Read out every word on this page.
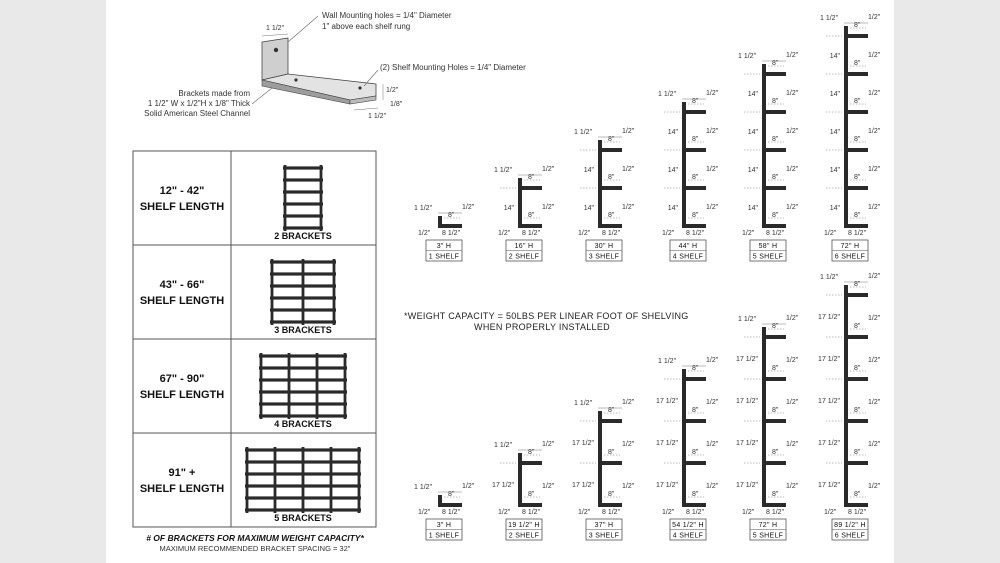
1 1/2"
Wall Mounting holes = 1/4" Diameter
1" above each shelf rung
(2) Shelf Mounting Holes = 1/4" Diameter
1/2"
1/8"
1 1/2"
Brackets made from
1 1/2" W x 1/2"H x 1/8" Thick
Solid American Steel Channel
12" - 42"
SHELF LENGTH
2 BRACKETS
43" - 66"
SHELF LENGTH
3 BRACKETS
67" - 90"
SHELF LENGTH
4 BRACKETS
91" +
SHELF LENGTH
5 BRACKETS
# OF BRACKETS FOR MAXIMUM WEIGHT CAPACITY*
MAXIMUM RECOMMENDED BRACKET SPACING = 32"
*WEIGHT CAPACITY = 50LBS PER LINEAR FOOT OF SHELVING
WHEN PROPERLY INSTALLED
8"
1/2"
1 1/2"
1/2" 8 1/2"
3" H
1 SHELF
8"
1/2"
8"
1/2"
14"
1 1/2"
1/2" 8 1/2"
16" H
2 SHELF
8"
1/2"
8"
1/2"
14"
8"
1/2"
14"
1 1/2"
1/2" 8 1/2"
30" H
3 SHELF
8"
1/2"
8"
1/2"
14"
8"
1/2"
14"
8"
1/2"
14"
1 1/2"
1/2" 8 1/2"
44" H
4 SHELF
8"
1/2"
8"
1/2"
14"
8"
1/2"
14"
8"
1/2"
14"
8"
1/2"
14"
1 1/2"
1/2" 8 1/2"
58" H
5 SHELF
8"
1/2"
8"
1/2"
14"
8"
1/2"
14"
8"
1/2"
14"
8"
1/2"
14"
8"
1/2"
14"
1 1/2"
1/2" 8 1/2"
72" H
6 SHELF
8"
1/2"
1 1/2"
1/2" 8 1/2"
3" H
1 SHELF
8"
1/2"
8"
1/2"
17 1/2"
1 1/2"
1/2" 8 1/2"
19 1/2" H
2 SHELF
8"
1/2"
8"
1/2"
17 1/2"
8"
1/2"
17 1/2"
1 1/2"
1/2" 8 1/2"
37" H
3 SHELF
8"
1/2"
8"
1/2"
17 1/2"
8"
1/2"
17 1/2"
8"
1/2"
17 1/2"
1 1/2"
1/2" 8 1/2"
54 1/2" H
4 SHELF
8"
1/2"
8"
1/2"
17 1/2"
8"
1/2"
17 1/2"
8"
1/2"
17 1/2"
8"
1/2"
17 1/2"
1 1/2"
1/2" 8 1/2"
72" H
5 SHELF
8"
1/2"
8"
1/2"
17 1/2"
8"
1/2"
17 1/2"
8"
1/2"
17 1/2"
8"
1/2"
17 1/2"
8"
1/2"
17 1/2"
1 1/2"
1/2" 8 1/2"
89 1/2" H
6 SHELF
